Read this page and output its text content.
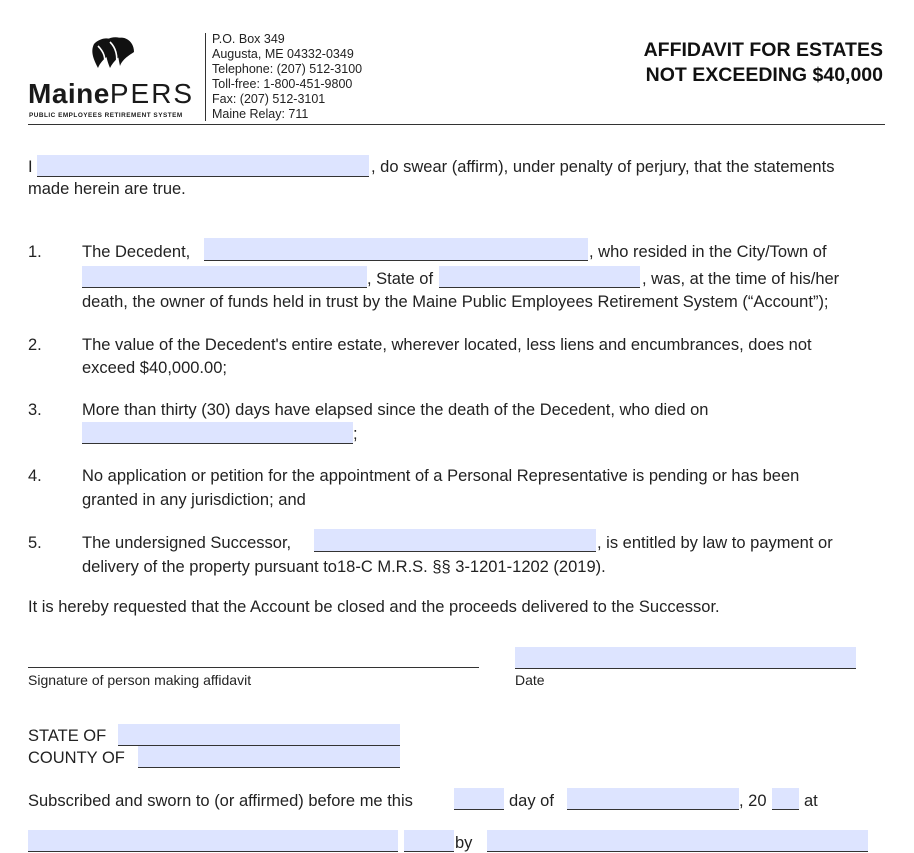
MainePERS
PUBLIC EMPLOYEES RETIREMENT SYSTEM
P.O. Box 349
Augusta, ME 04332-0349
Telephone: (207) 512-3100
Toll-free: 1-800-451-9800
Fax: (207) 512-3101
Maine Relay: 711
AFFIDAVIT FOR ESTATES
NOT EXCEEDING $40,000
I	, do swear (affirm), under penalty of perjury, that the statements
made herein are true.
1. The Decedent,	, who resided in the City/Town of
, State of	, was, at the time of his/her
death, the owner of funds held in trust by the Maine Public Employees Retirement System (“Account”);
2. The value of the Decedent's entire estate, wherever located, less liens and encumbrances, does not
exceed $40,000.00;
3. More than thirty (30) days have elapsed since the death of the Decedent, who died on
;
4. No application or petition for the appointment of a Personal Representative is pending or has been
granted in any jurisdiction; and
5. The undersigned Successor,	, is entitled by law to payment or
delivery of the property pursuant to18-C M.R.S. §§ 3-1201-1202 (2019).
It is hereby requested that the Account be closed and the proceeds delivered to the Successor.
Signature of person making affidavit	Date
STATE OF
COUNTY OF
Subscribed and sworn to (or affirmed) before me this	day of	, 20 at
by
